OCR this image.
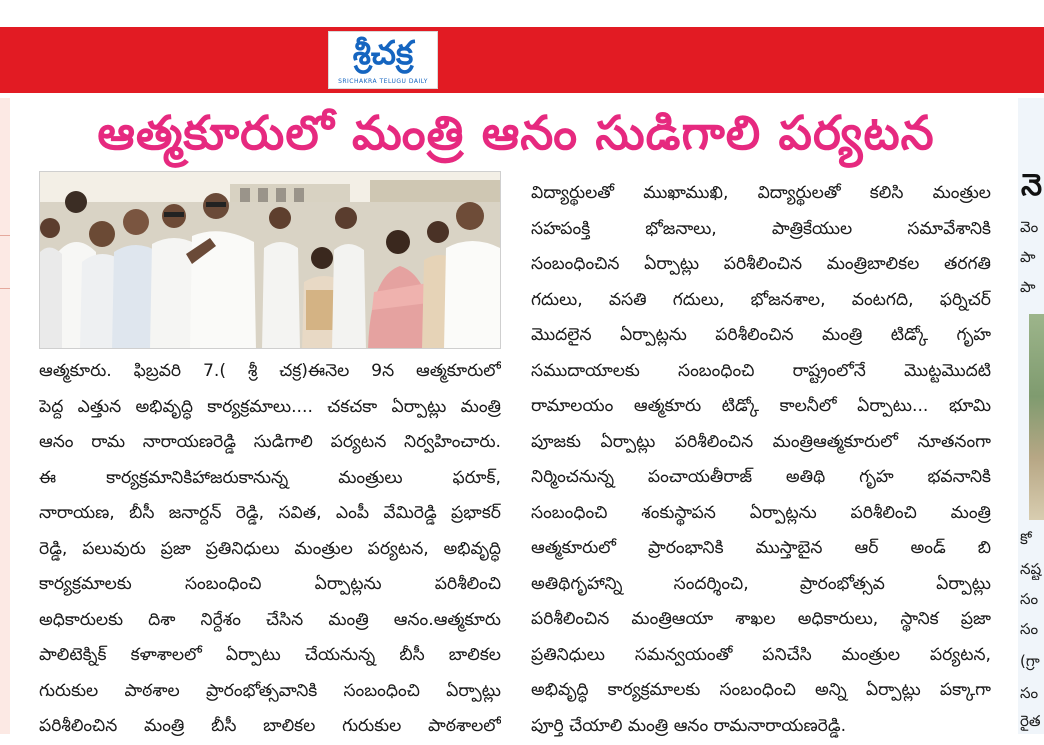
శ్రీచక్ర
SRICHAKRA TELUGU DAILY
నె
వెం
పా
పా
కో
నష్ట
సం
సం
(గ్రా
సం
రైత
ఆత్మకూరులో మంత్రి ఆనం సుడిగాలి పర్యటన
ఆత్మకూరు. ఫిబ్రవరి 7.( శ్రీ చక్ర)ఈనెల 9న ఆత్మకూరులో
పెద్ద ఎత్తున అభివృద్ధి కార్యక్రమాలు.... చకచకా ఏర్పాట్లు మంత్రి
ఆనం రామ నారాయణరెడ్డి సుడిగాలి పర్యటన నిర్వహించారు.
ఈ కార్యక్రమానికిహాజరుకానున్న మంత్రులు ఫరూక్,
నారాయణ, బీసీ జనార్దన్ రెడ్డి, సవిత, ఎంపీ వేమిరెడ్డి ప్రభాకర్
రెడ్డి, పలువురు ప్రజా ప్రతినిధులు మంత్రుల పర్యటన, అభివృద్ధి
కార్యక్రమాలకు సంబంధించి ఏర్పాట్లను పరిశీలించి
అధికారులకు దిశా నిర్దేశం చేసిన మంత్రి ఆనం.ఆత్మకూరు
పాలిటెక్నిక్ కళాశాలలో ఏర్పాటు చేయనున్న బీసీ బాలికల
గురుకుల పాఠశాల ప్రారంభోత్సవానికి సంబంధించి ఏర్పాట్లు
పరిశీలించిన మంత్రి బీసీ బాలికల గురుకుల పాఠశాలలో
విద్యార్థులతో ముఖాముఖి, విద్యార్థులతో కలిసి మంత్రుల
సహపంక్తి భోజనాలు, పాత్రికేయుల సమావేశానికి
సంబంధించిన ఏర్పాట్లు పరిశీలించిన మంత్రిబాలికల తరగతి
గదులు, వసతి గదులు, భోజనశాల, వంటగది, ఫర్నిచర్
మొదలైన ఏర్పాట్లను పరిశీలించిన మంత్రి టిడ్కో గృహ
సముదాయాలకు సంబంధించి రాష్ట్రంలోనే మొట్టమొదటి
రామాలయం ఆత్మకూరు టిడ్కో కాలనీలో ఏర్పాటు... భూమి
పూజకు ఏర్పాట్లు పరిశీలించిన మంత్రిఆత్మకూరులో నూతనంగా
నిర్మించనున్న పంచాయతీరాజ్ అతిథి గృహ భవనానికి
సంబంధించి శంకుస్థాపన ఏర్పాట్లను పరిశీలించి మంత్రి
ఆత్మకూరులో ప్రారంభానికి ముస్తాబైన ఆర్ అండ్ బి
అతిథిగృహాన్ని సందర్శించి, ప్రారంభోత్సవ ఏర్పాట్లు
పరిశీలించిన మంత్రిఆయా శాఖల అధికారులు, స్థానిక ప్రజా
ప్రతినిధులు సమన్వయంతో పనిచేసి మంత్రుల పర్యటన,
అభివృద్ధి కార్యక్రమాలకు సంబంధించి అన్ని ఏర్పాట్లు పక్కాగా
పూర్తి చేయాలి మంత్రి ఆనం రామనారాయణరెడ్డి.
